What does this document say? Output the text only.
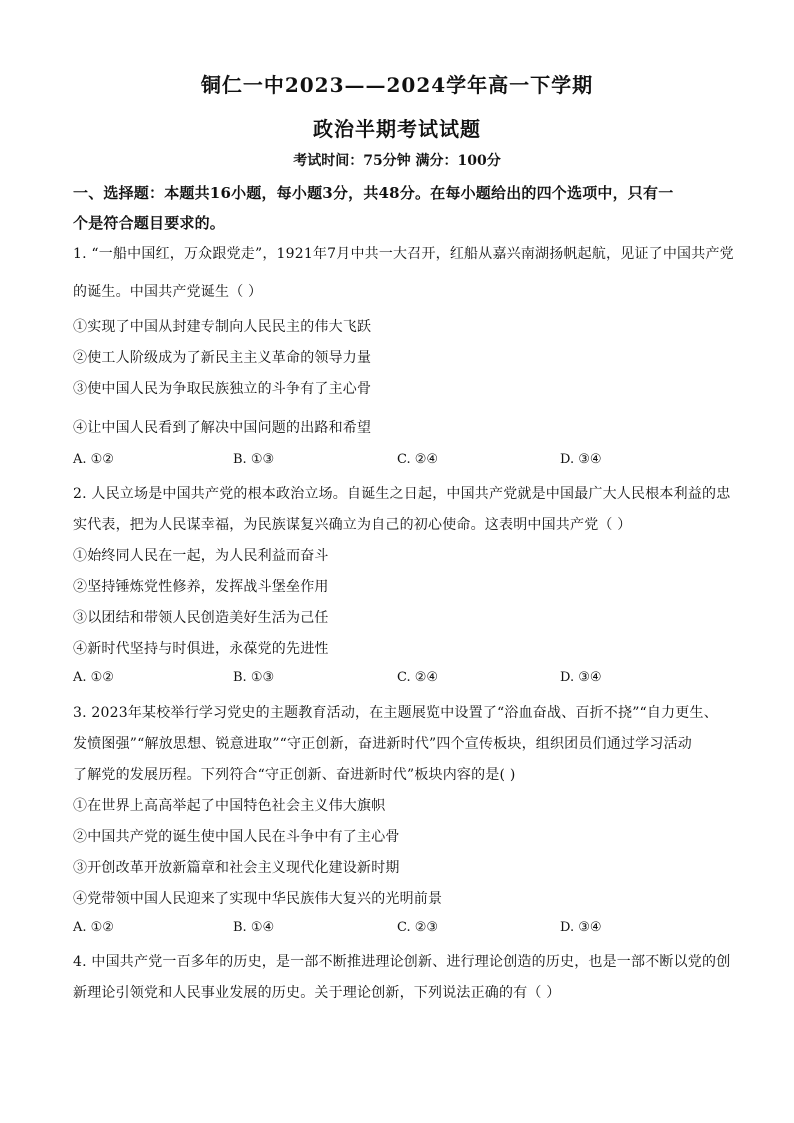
铜仁一中2023——2024学年高一下学期
政治半期考试试题
考试时间：75分钟 满分：100分
一、选择题：本题共16小题，每小题3分，共48分。在每小题给出的四个选项中，只有一
个是符合题目要求的。
1. “一船中国红，万众跟党走”，1921年7月中共一大召开，红船从嘉兴南湖扬帆起航，见证了中国共产党
的诞生。中国共产党诞生（ ）
①实现了中国从封建专制向人民民主的伟大飞跃
②使工人阶级成为了新民主主义革命的领导力量
③使中国人民为争取民族独立的斗争有了主心骨
④让中国人民看到了解决中国问题的出路和希望
A. ①②	B. ①③	C. ②④	D. ③④
2. 人民立场是中国共产党的根本政治立场。自诞生之日起，中国共产党就是中国最广大人民根本利益的忠
实代表，把为人民谋幸福，为民族谋复兴确立为自己的初心使命。这表明中国共产党（ ）
①始终同人民在一起，为人民利益而奋斗
②坚持锤炼党性修养，发挥战斗堡垒作用
③以团结和带领人民创造美好生活为己任
④新时代坚持与时俱进，永葆党的先进性
A. ①②	B. ①③	C. ②④	D. ③④
3. 2023年某校举行学习党史的主题教育活动，在主题展览中设置了“浴血奋战、百折不挠”“自力更生、
发愤图强”“解放思想、锐意进取”“守正创新，奋进新时代”四个宣传板块，组织团员们通过学习活动
了解党的发展历程。下列符合“守正创新、奋进新时代”板块内容的是( )
①在世界上高高举起了中国特色社会主义伟大旗帜
②中国共产党的诞生使中国人民在斗争中有了主心骨
③开创改革开放新篇章和社会主义现代化建设新时期
④党带领中国人民迎来了实现中华民族伟大复兴的光明前景
A. ①②	B. ①④	C. ②③	D. ③④
4. 中国共产党一百多年的历史，是一部不断推进理论创新、进行理论创造的历史，也是一部不断以党的创
新理论引领党和人民事业发展的历史。关于理论创新，下列说法正确的有（ ）
